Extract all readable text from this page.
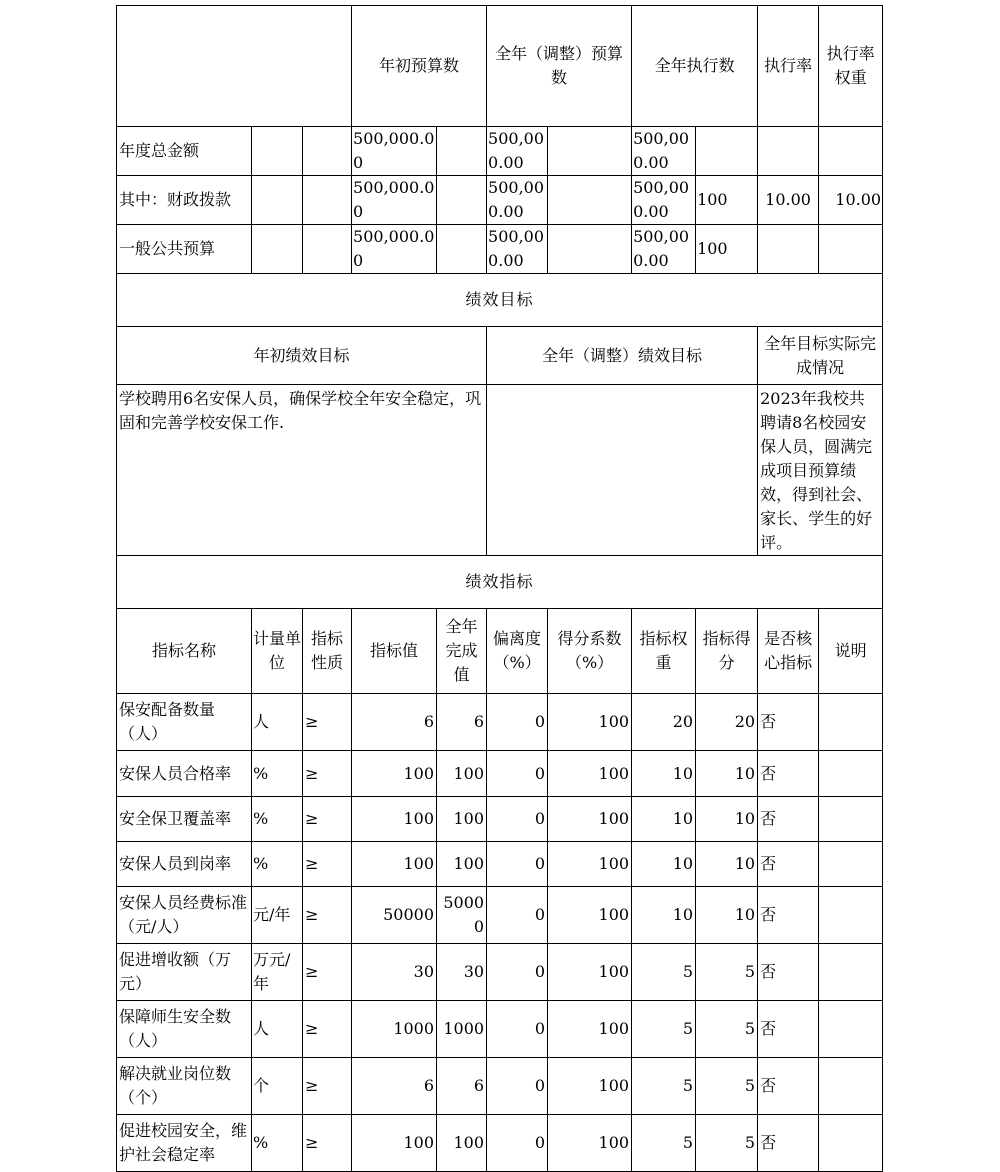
			年初预算数		全年（调整）预算数		全年执行数		执行率	执行率权重	
年度总金额			500,000.00		500,000.00		500,000.00				
其中：财政拨款			500,000.00		500,000.00		500,000.00	100	10.00	10.00	
一般公共预算			500,000.00		500,000.00		500,000.00	100			
绩效目标											
年初绩效目标					全年（调整）绩效目标				全年目标实际完成情况		
学校聘用6名安保人员，确保学校全年安全稳定，巩固和完善学校安保工作.									2023年我校共聘请8名校园安保人员，圆满完成项目预算绩效，得到社会、家长、学生的好评。		
绩效指标											
指标名称	计量单位	指标性质	指标值	全年完成值	偏离度（%）	得分系数（%）	指标权重	指标得分	是否核心指标	说明	
保安配备数量（人）	人	≥	6	6	0	100	20	20	否		
安保人员合格率	%	≥	100	100	0	100	10	10	否		
安全保卫覆盖率	%	≥	100	100	0	100	10	10	否		
安保人员到岗率	%	≥	100	100	0	100	10	10	否		
安保人员经费标准（元/人）	元/年	≥	50000	50000	0	100	10	10	否		
促进增收额（万元）	万元/年	≥	30	30	0	100	5	5	否		
保障师生安全数（人）	人	≥	1000	1000	0	100	5	5	否		
解决就业岗位数（个）	个	≥	6	6	0	100	5	5	否		
促进校园安全，维护社会稳定率	%	≥	100	100	0	100	5	5	否		
